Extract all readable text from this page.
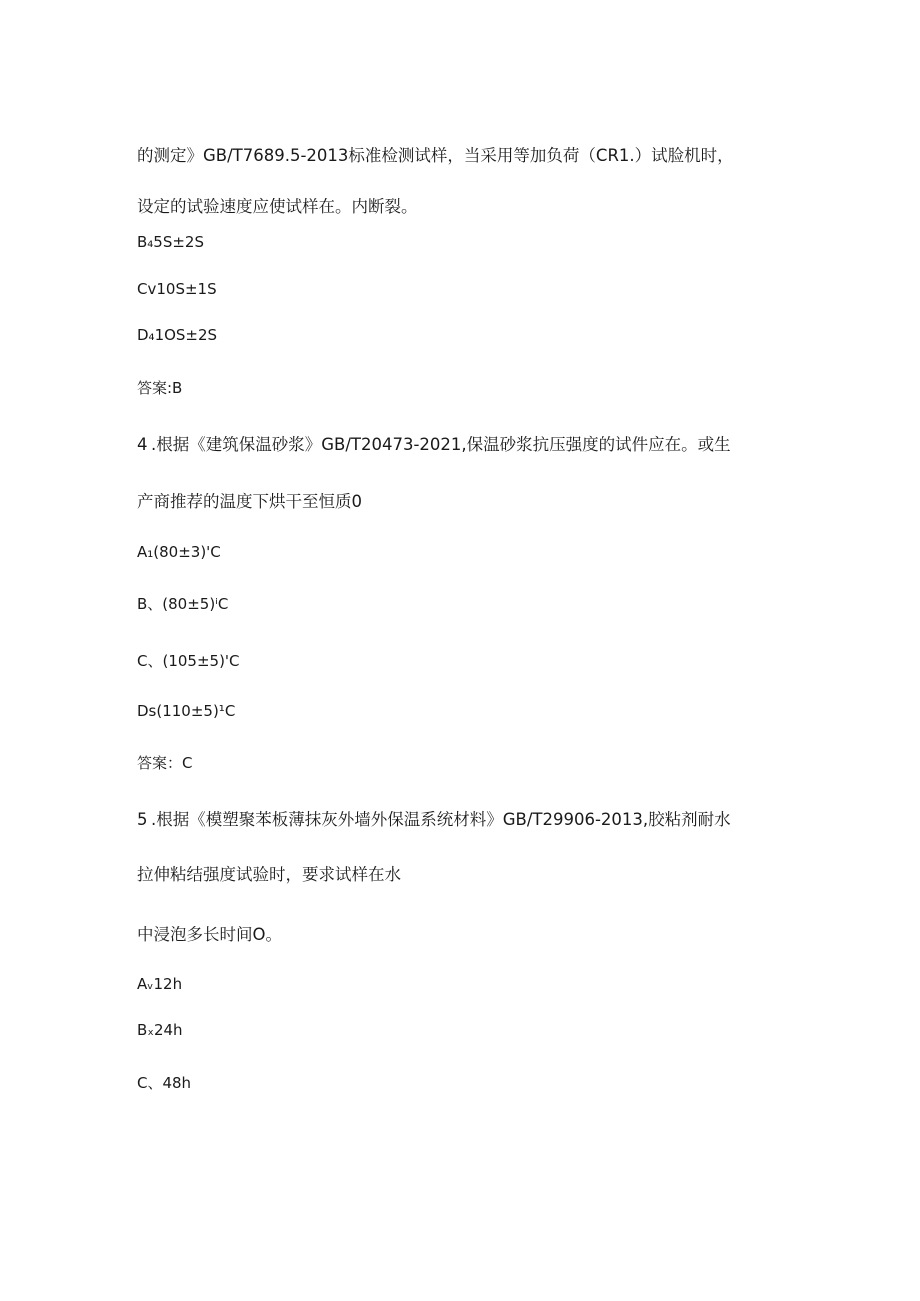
的测定》GB/T7689.5-2013标准检测试样，当采用等加负荷（CR1.）试脸机时，

设定的试验速度应使试样在。内断裂。

B₄5S±2S

Cv10S±1S

D₄1OS±2S

答案:B

4 .根据《建筑保温砂浆》GB/T20473-2021,保温砂浆抗压强度的试件应在。或生

产商推荐的温度下烘干至恒质0

A₁(80±3)'C

B、(80±5)ⁱC

C、(105±5)'C

Ds(110±5)¹C

答案：C

5 .根据《模塑聚苯板薄抹灰外墙外保温系统材料》GB/T29906-2013,胶粘剂耐水

拉伸粘结强度试验时，要求试样在水

中浸泡多长时间O。

Aᵥ12h

Bₓ24h

C、48h
